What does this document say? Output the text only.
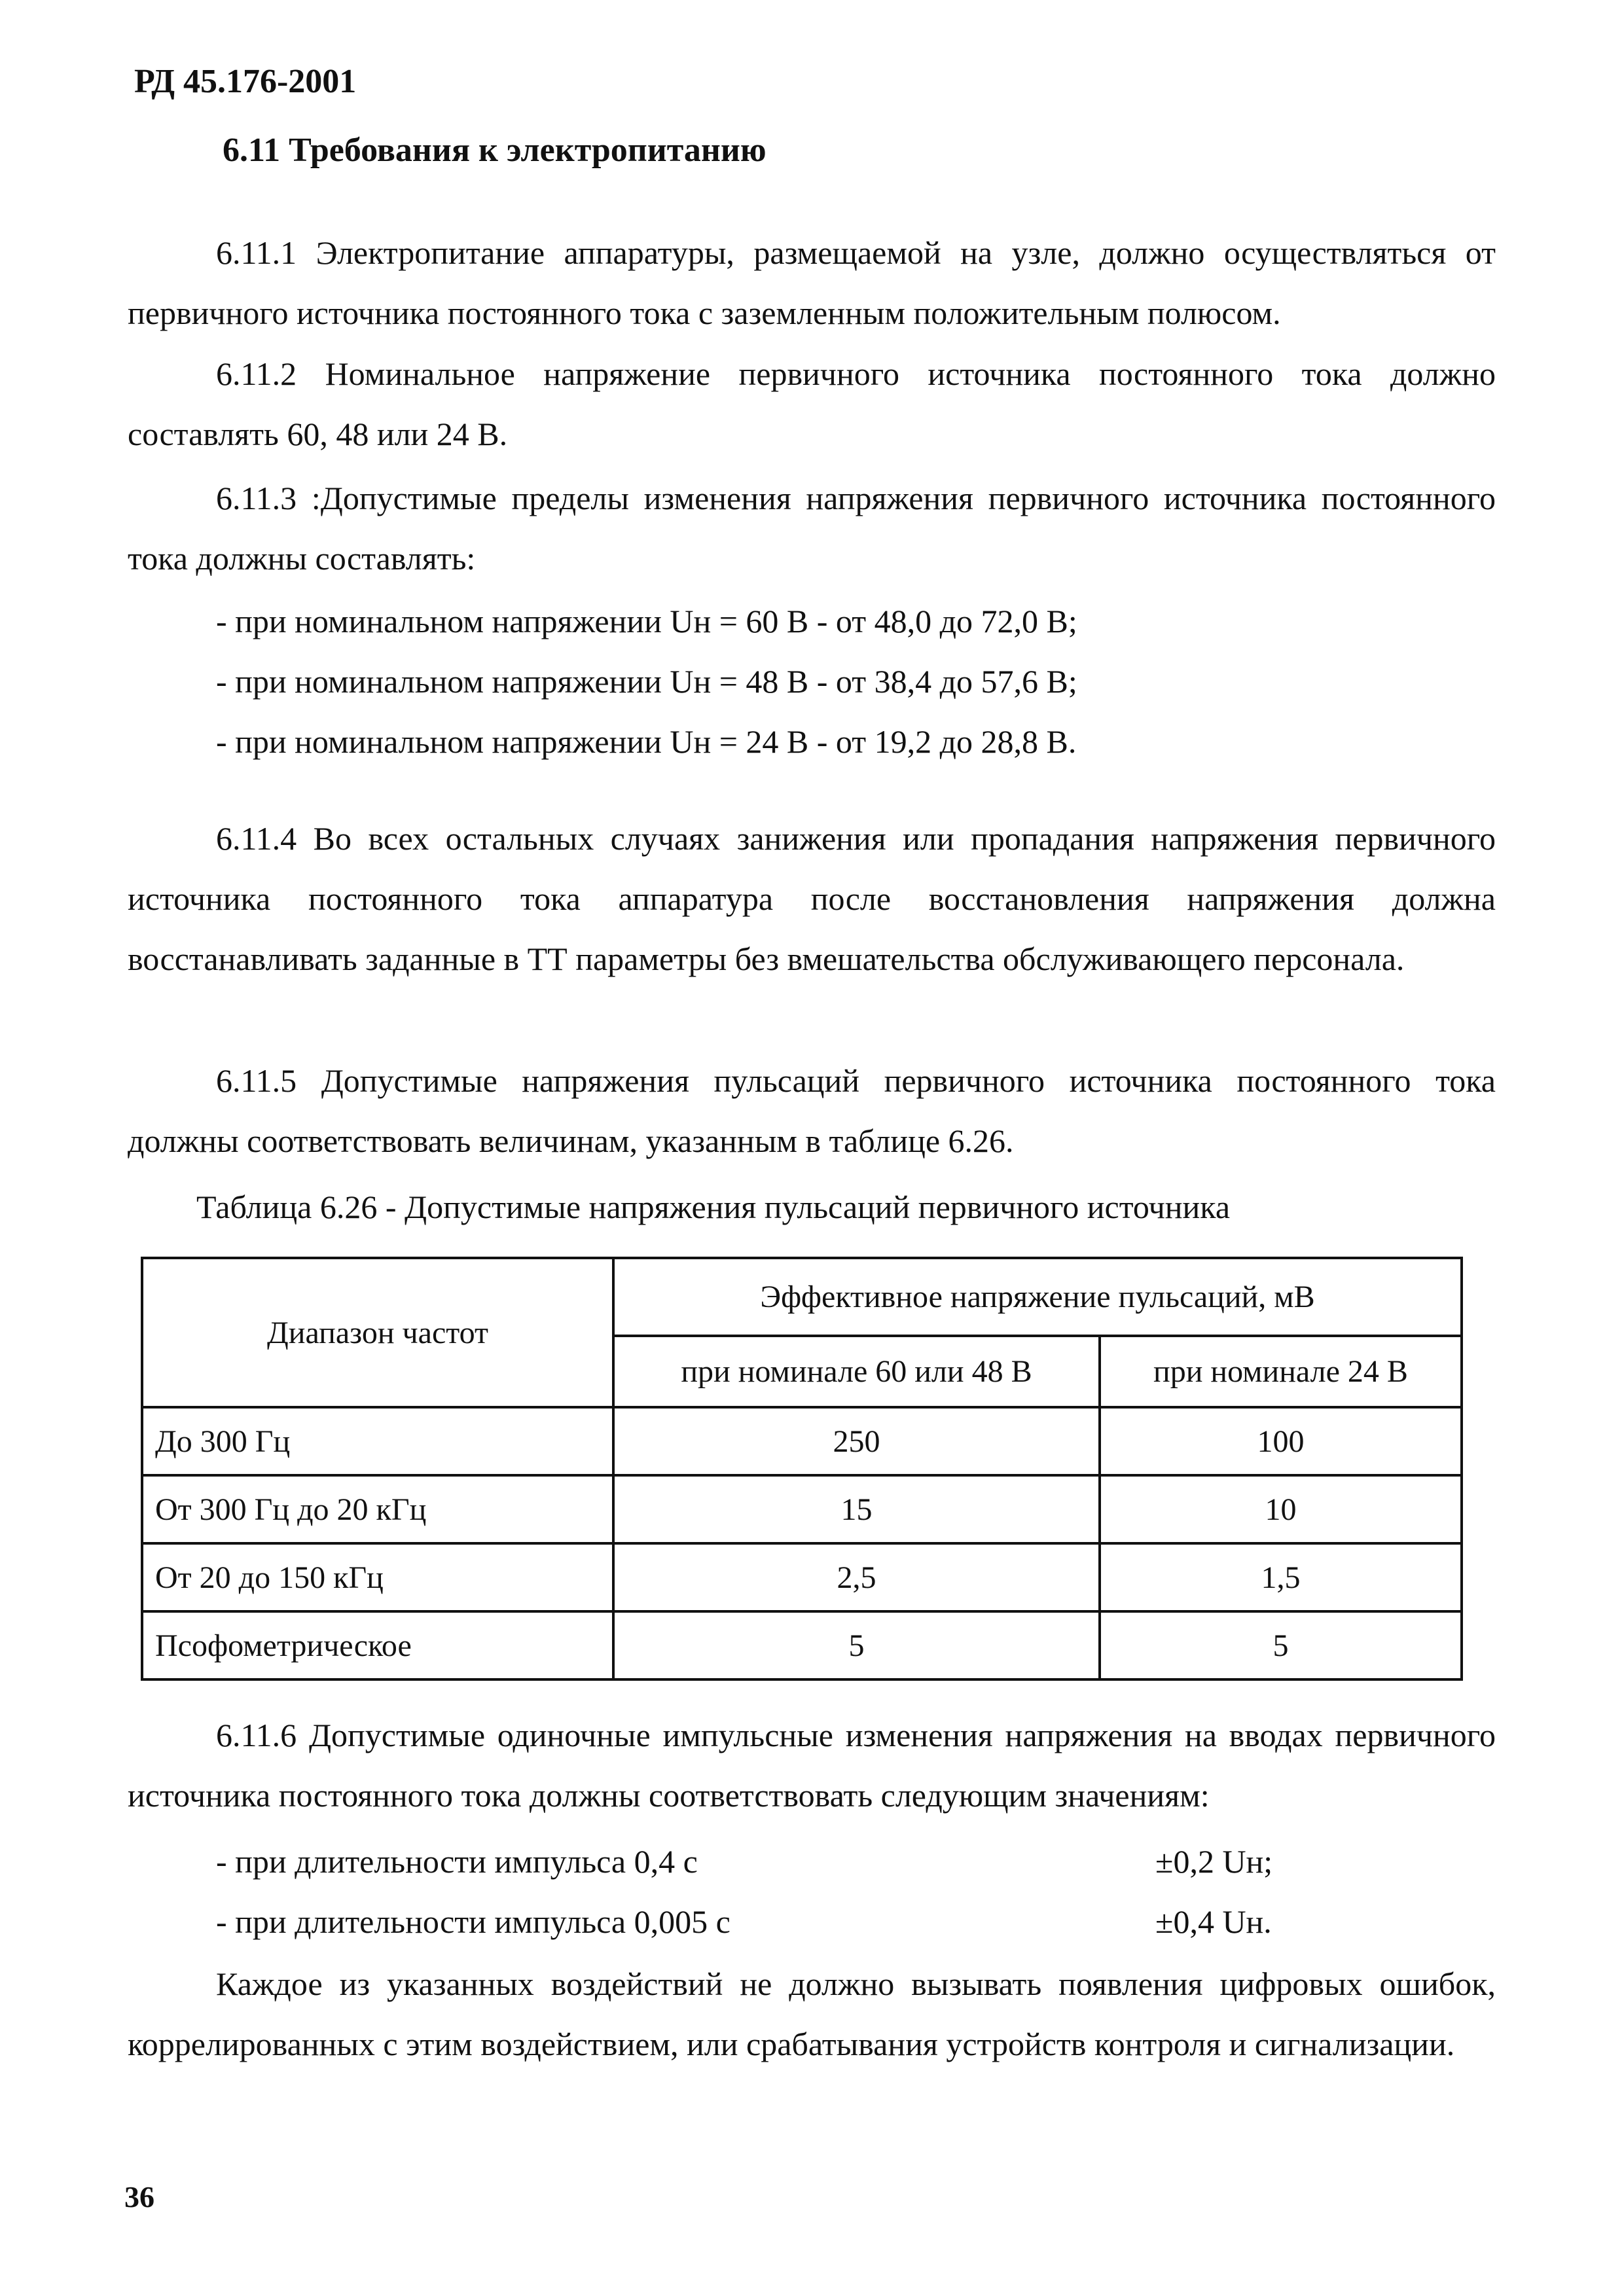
РД 45.176-2001
6.11 Требования к электропитанию
6.11.1 Электропитание аппаратуры, размещаемой на узле, должно осуществляться от первичного источника постоянного тока с заземленным положительным полюсом.
6.11.2 Номинальное напряжение первичного источника постоянного тока должно составлять 60, 48 или 24 В.
6.11.3 :Допустимые пределы изменения напряжения первичного источника постоянного тока должны составлять:
- при номинальном напряжении Uн = 60 В - от 48,0 до 72,0 В;
- при номинальном напряжении Uн = 48 В - от 38,4 до 57,6 В;
- при номинальном напряжении Uн = 24 В - от 19,2 до 28,8 В.
6.11.4 Во всех остальных случаях занижения или пропадания напряжения первичного источника постоянного тока аппаратура после восстановления напряжения должна восстанавливать заданные в ТТ параметры без вмешательства обслуживающего персонала.
6.11.5 Допустимые напряжения пульсаций первичного источника постоянного тока должны соответствовать величинам, указанным в таблице 6.26.
Таблица 6.26 - Допустимые напряжения пульсаций первичного источника
Диапазон частот	Эффективное напряжение пульсаций, мВ	
	при номинале 60 или 48 В	при номинале 24 В
До 300 Гц	250	100
От 300 Гц до 20 кГц	15	10
От 20 до 150 кГц	2,5	1,5
Псофометрическое	5	5
6.11.6 Допустимые одиночные импульсные изменения напряжения на вводах первичного источника постоянного тока должны соответствовать следующим значениям:
- при длительности импульса 0,4 с	±0,2 Uн;
- при длительности импульса 0,005 с	±0,4 Uн.
Каждое из указанных воздействий не должно вызывать появления цифровых ошибок, коррелированных с этим воздействием, или срабатывания устройств контроля и сигнализации.
36
